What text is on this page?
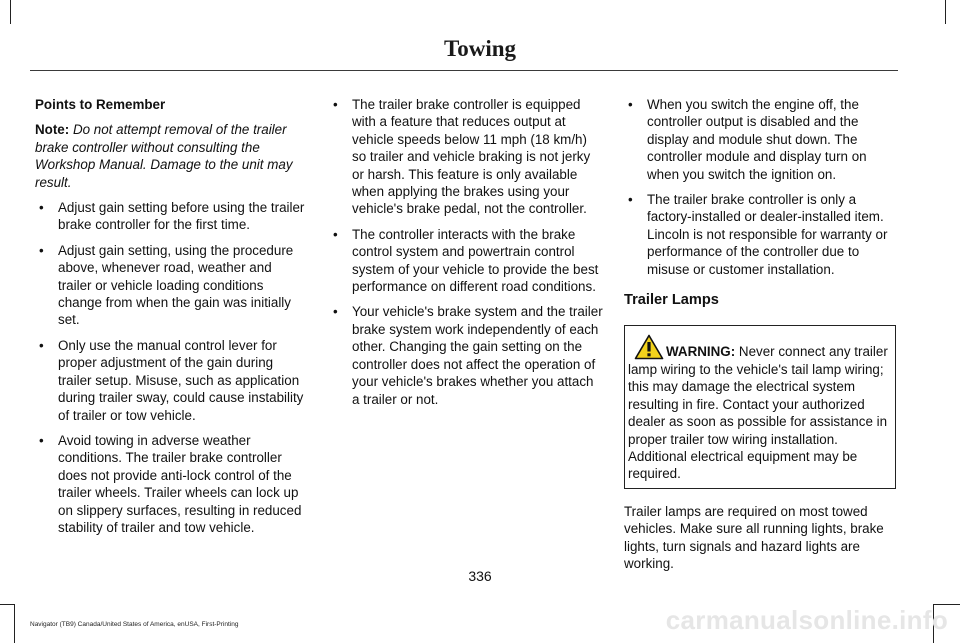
Towing
Points to Remember

Note: Do not attempt removal of the trailer brake controller without consulting the Workshop Manual. Damage to the unit may result.

• Adjust gain setting before using the trailer brake controller for the first time.
• Adjust gain setting, using the procedure above, whenever road, weather and trailer or vehicle loading conditions change from when the gain was initially set.
• Only use the manual control lever for proper adjustment of the gain during trailer setup. Misuse, such as application during trailer sway, could cause instability of trailer or tow vehicle.
• Avoid towing in adverse weather conditions. The trailer brake controller does not provide anti-lock control of the trailer wheels. Trailer wheels can lock up on slippery surfaces, resulting in reduced stability of trailer and tow vehicle.
• The trailer brake controller is equipped with a feature that reduces output at vehicle speeds below 11 mph (18 km/h) so trailer and vehicle braking is not jerky or harsh. This feature is only available when applying the brakes using your vehicle's brake pedal, not the controller.
• The controller interacts with the brake control system and powertrain control system of your vehicle to provide the best performance on different road conditions.
• Your vehicle's brake system and the trailer brake system work independently of each other. Changing the gain setting on the controller does not affect the operation of your vehicle's brakes whether you attach a trailer or not.
• When you switch the engine off, the controller output is disabled and the display and module shut down. The controller module and display turn on when you switch the ignition on.
• The trailer brake controller is only a factory-installed or dealer-installed item. Lincoln is not responsible for warranty or performance of the controller due to misuse or customer installation.
Trailer Lamps
WARNING: Never connect any trailer lamp wiring to the vehicle's tail lamp wiring; this may damage the electrical system resulting in fire. Contact your authorized dealer as soon as possible for assistance in proper trailer tow wiring installation. Additional electrical equipment may be required.

Trailer lamps are required on most towed vehicles. Make sure all running lights, brake lights, turn signals and hazard lights are working.

336
Navigator (TB9) Canada/United States of America, enUSA, First-Printing	carmanualsonline.info
